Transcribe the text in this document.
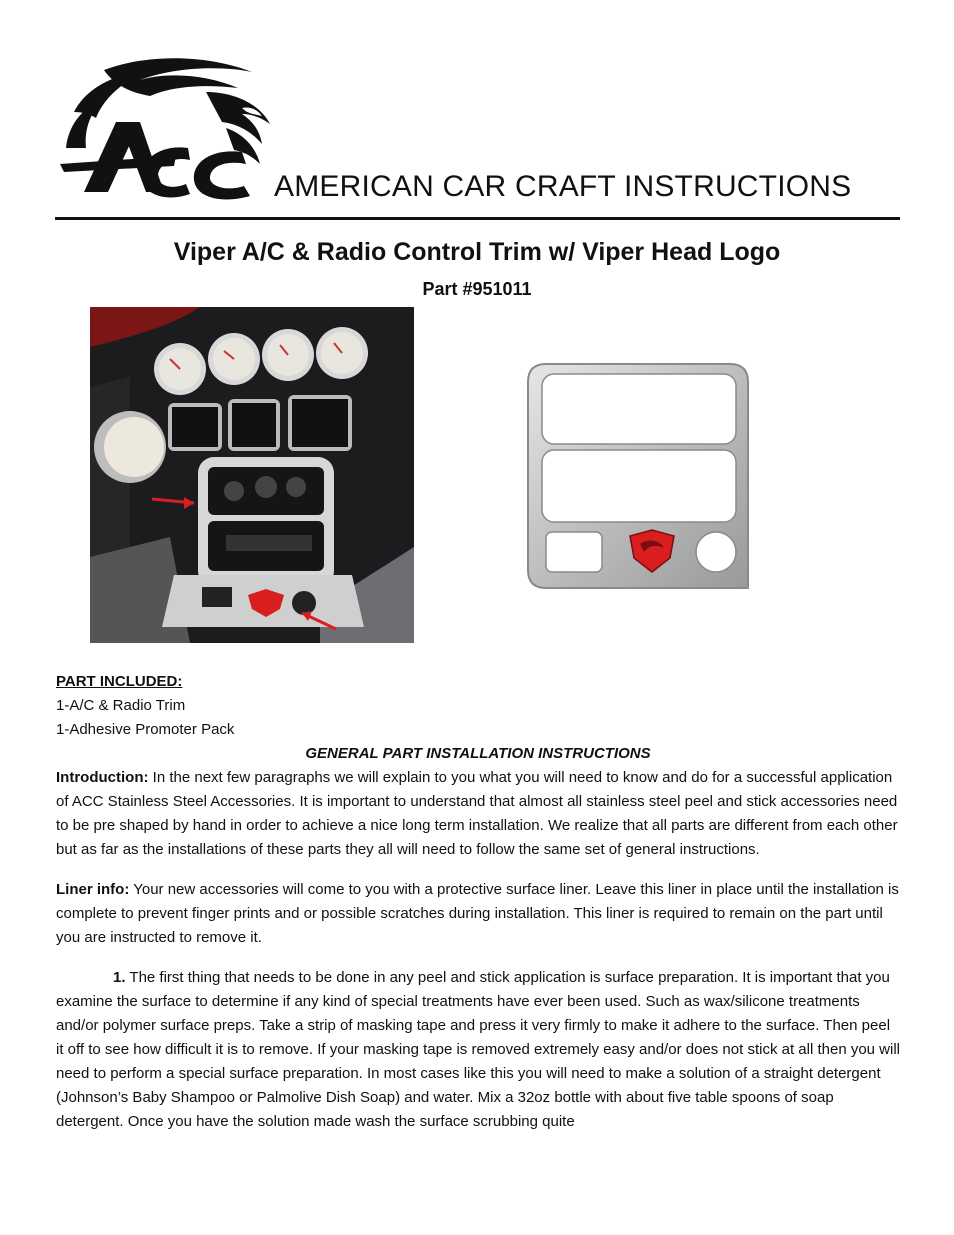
AMERICAN CAR CRAFT INSTRUCTIONS
Viper A/C & Radio Control Trim w/ Viper Head Logo
Part #951011

PART INCLUDED:

1-A/C & Radio Trim

1-Adhesive Promoter Pack

GENERAL PART INSTALLATION INSTRUCTIONS

Introduction: In the next few paragraphs we will explain to you what you will need to know and do for a successful application of ACC Stainless Steel Accessories. It is important to understand that almost all stainless steel peel and stick accessories need to be pre shaped by hand in order to achieve a nice long term installation. We realize that all parts are different from each other but as far as the installations of these parts they all will need to follow the same set of general instructions.

Liner info: Your new accessories will come to you with a protective surface liner. Leave this liner in place until the installation is complete to prevent finger prints and or possible scratches during installation. This liner is required to remain on the part until you are instructed to remove it.

1. The first thing that needs to be done in any peel and stick application is surface preparation. It is important that you examine the surface to determine if any kind of special treatments have ever been used. Such as wax/silicone treatments and/or polymer surface preps. Take a strip of masking tape and press it very firmly to make it adhere to the surface. Then peel it off to see how difficult it is to remove. If your masking tape is removed extremely easy and/or does not stick at all then you will need to perform a special surface preparation. In most cases like this you will need to make a solution of a straight detergent (Johnson’s Baby Shampoo or Palmolive Dish Soap) and water. Mix a 32oz bottle with about five table spoons of soap detergent. Once you have the solution made wash the surface scrubbing quite
